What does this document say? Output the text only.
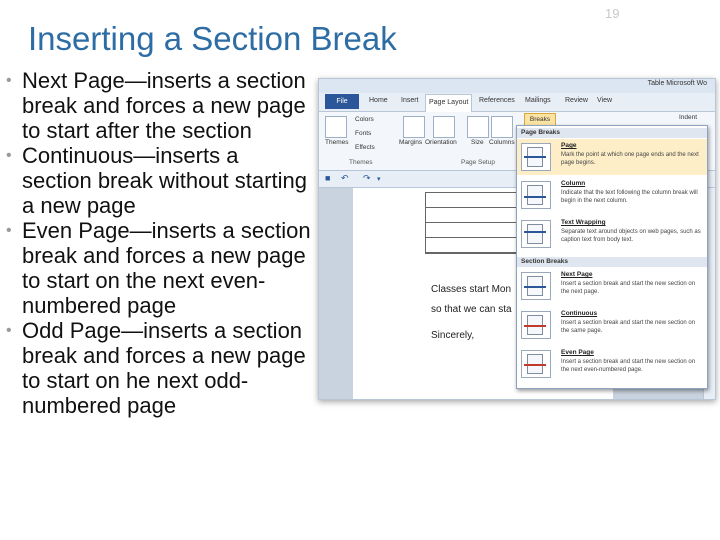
19
Inserting a Section Break
• Next Page—inserts a section break and forces a new page to start after the section
• Continuous—inserts a section break without starting a new page
• Even Page—inserts a section break and forces a new page to start on the next even-numbered page
• Odd Page—inserts a section break and forces a new page to start on he next odd-numbered page
Table Microsoft Wo
File	Home Insert	Page Layout	References Mailings Review View
Themes
Colors
Fonts
Effects
Themes
Margins Orientation Size Columns
Page Setup
Indent
Breaks
■ ↶ ↷ ▾
Classes start Mon
so that we can sta
Sincerely,
Page Breaks
Page
Mark the point at which one page ends and the next page begins.
Column
Indicate that the text following the column break will begin in the next column.
Text Wrapping
Separate text around objects on web pages, such as caption text from body text.
Section Breaks
Next Page
Insert a section break and start the new section on the next page.
Continuous
Insert a section break and start the new section on the same page.
Even Page
Insert a section break and start the new section on the next even-numbered page.
